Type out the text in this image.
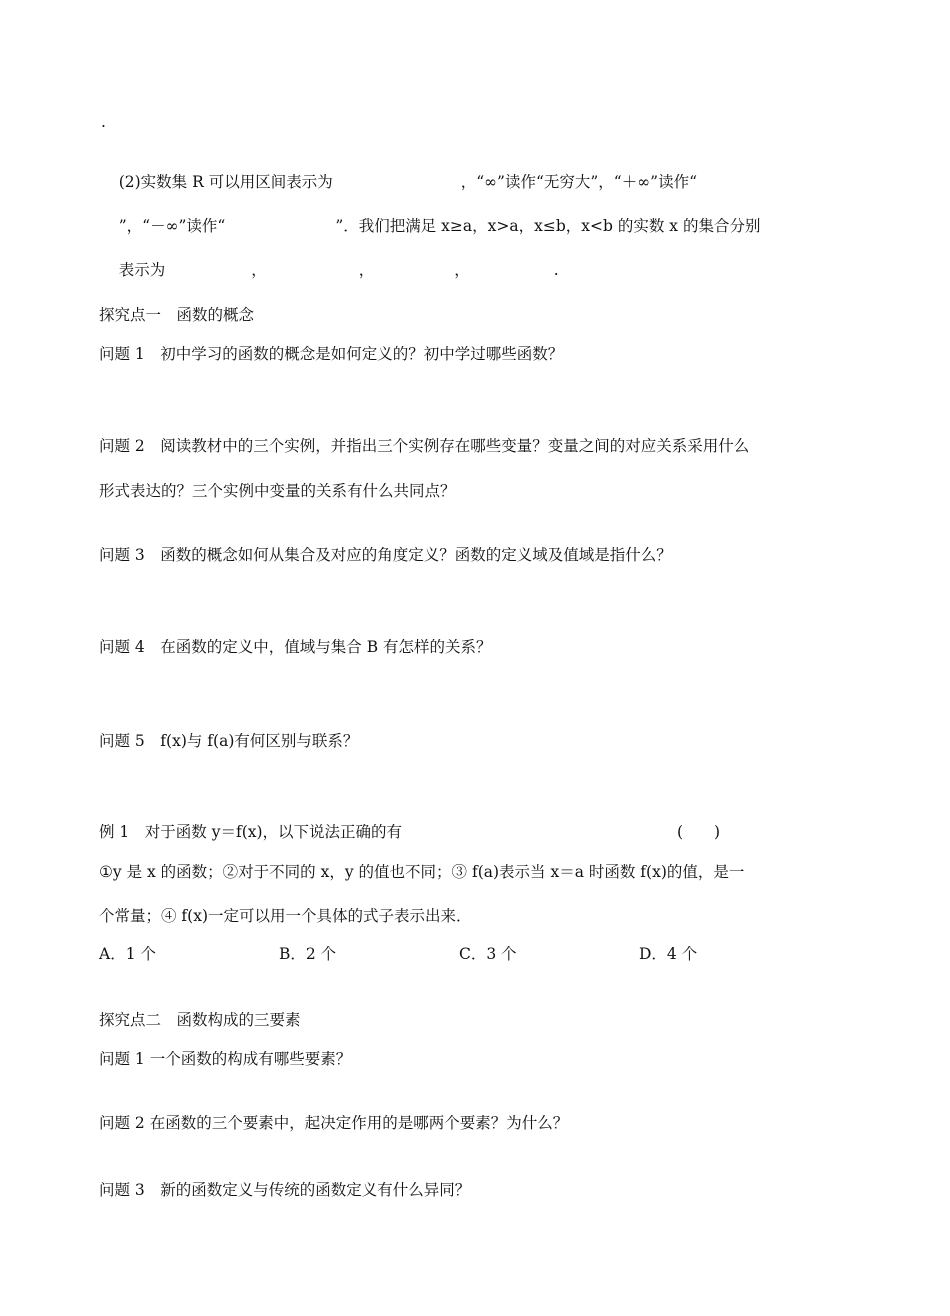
.

(2)实数集 R 可以用区间表示为	，“∞”读作“无穷大”，“＋∞”读作“

”，“－∞”读作“	”．我们把满足 x≥a，x>a，x≤b，x<b 的实数 x 的集合分别

表示为	，	，	，	.

探究点一　函数的概念
问题 1　初中学习的函数的概念是如何定义的？初中学过哪些函数？
问题 2　阅读教材中的三个实例，并指出三个实例存在哪些变量？变量之间的对应关系采用什么
形式表达的？三个实例中变量的关系有什么共同点？
问题 3　函数的概念如何从集合及对应的角度定义？函数的定义域及值域是指什么？
问题 4　在函数的定义中，值域与集合 B 有怎样的关系？
问题 5　f(x)与 f(a)有何区别与联系？
例 1　对于函数 y＝f(x)，以下说法正确的有	(　　)
①y 是 x 的函数；②对于不同的 x，y 的值也不同；③ f(a)表示当 x＝a 时函数 f(x)的值，是一
个常量；④ f(x)一定可以用一个具体的式子表示出来．
A．1 个	B．2 个	C．3 个	D．4 个
探究点二　函数构成的三要素
问题 1 一个函数的构成有哪些要素？
问题 2 在函数的三个要素中，起决定作用的是哪两个要素？为什么？
问题 3　新的函数定义与传统的函数定义有什么异同？
